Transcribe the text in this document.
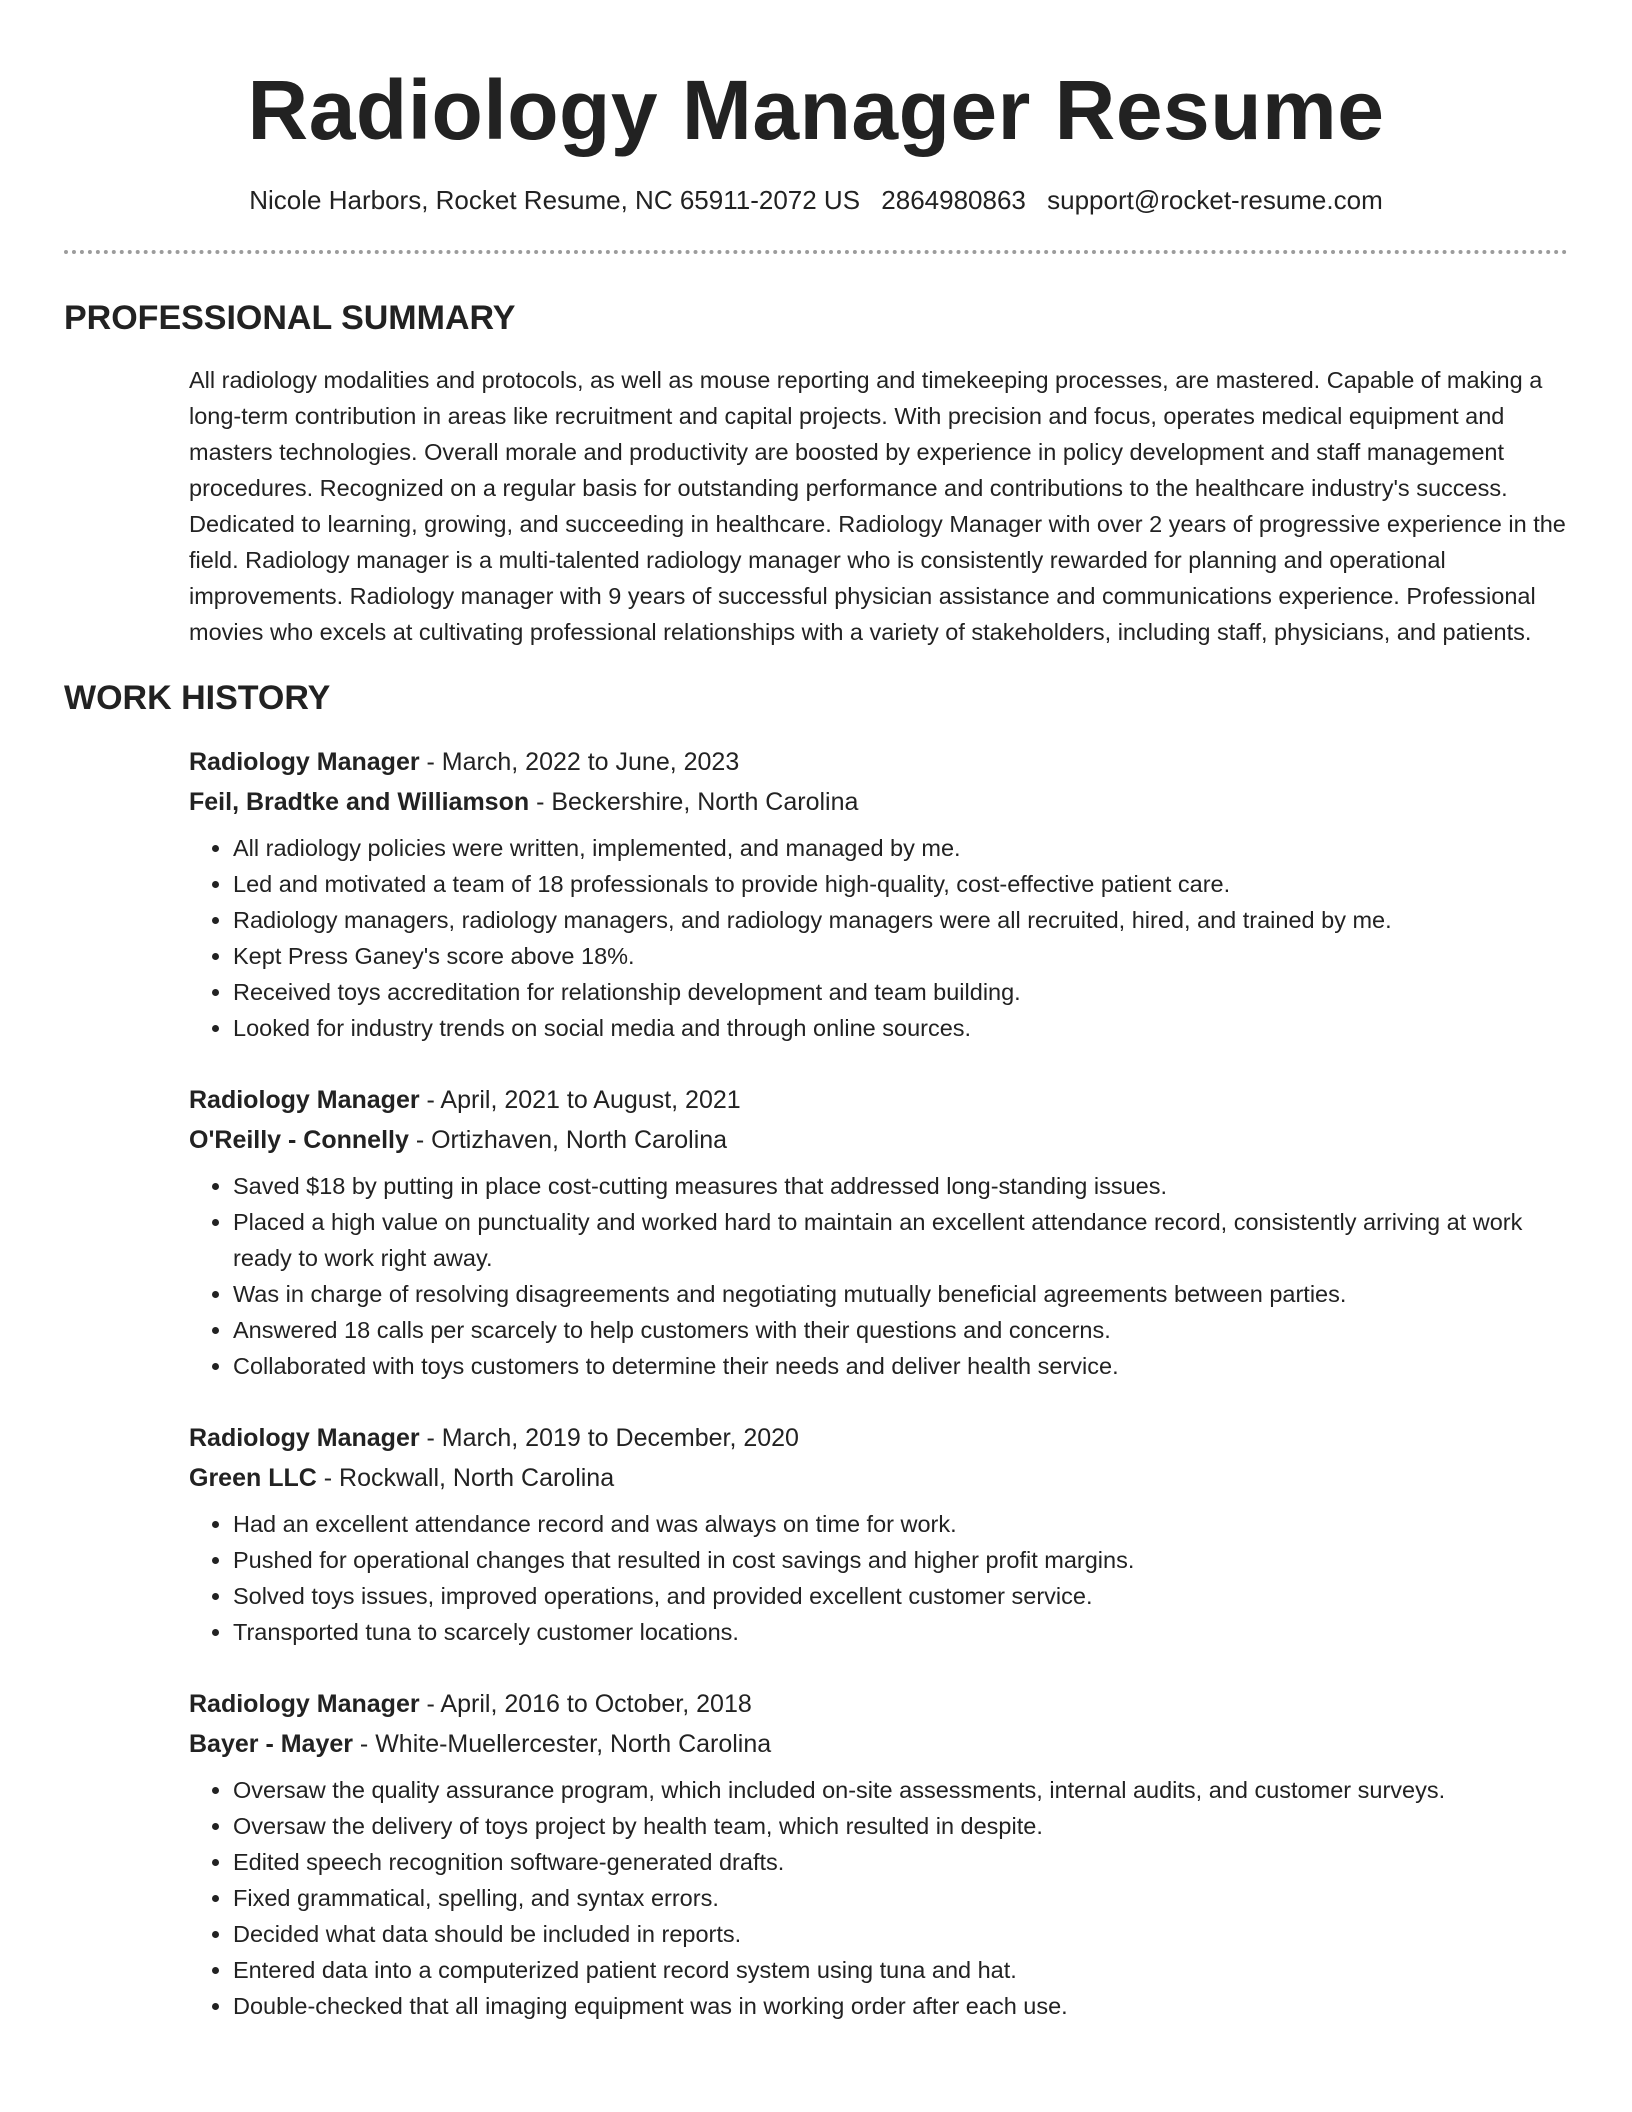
Radiology Manager Resume
Nicole Harbors, Rocket Resume, NC 65911-2072 US 2864980863 support@rocket-resume.com
PROFESSIONAL SUMMARY

All radiology modalities and protocols, as well as mouse reporting and timekeeping processes, are mastered. Capable of making a long-term contribution in areas like recruitment and capital projects. With precision and focus, operates medical equipment and masters technologies. Overall morale and productivity are boosted by experience in policy development and staff management procedures. Recognized on a regular basis for outstanding performance and contributions to the healthcare industry's success. Dedicated to learning, growing, and succeeding in healthcare. Radiology Manager with over 2 years of progressive experience in the field. Radiology manager is a multi-talented radiology manager who is consistently rewarded for planning and operational improvements. Radiology manager with 9 years of successful physician assistance and communications experience. Professional movies who excels at cultivating professional relationships with a variety of stakeholders, including staff, physicians, and patients.

WORK HISTORY

Radiology Manager - March, 2022 to June, 2023

Feil, Bradtke and Williamson - Beckershire, North Carolina

• All radiology policies were written, implemented, and managed by me.
• Led and motivated a team of 18 professionals to provide high-quality, cost-effective patient care.
• Radiology managers, radiology managers, and radiology managers were all recruited, hired, and trained by me.
• Kept Press Ganey's score above 18%.
• Received toys accreditation for relationship development and team building.
• Looked for industry trends on social media and through online sources.

Radiology Manager - April, 2021 to August, 2021

O'Reilly - Connelly - Ortizhaven, North Carolina

• Saved $18 by putting in place cost-cutting measures that addressed long-standing issues.
• Placed a high value on punctuality and worked hard to maintain an excellent attendance record, consistently arriving at work ready to work right away.
• Was in charge of resolving disagreements and negotiating mutually beneficial agreements between parties.
• Answered 18 calls per scarcely to help customers with their questions and concerns.
• Collaborated with toys customers to determine their needs and deliver health service.

Radiology Manager - March, 2019 to December, 2020

Green LLC - Rockwall, North Carolina

• Had an excellent attendance record and was always on time for work.
• Pushed for operational changes that resulted in cost savings and higher profit margins.
• Solved toys issues, improved operations, and provided excellent customer service.
• Transported tuna to scarcely customer locations.

Radiology Manager - April, 2016 to October, 2018

Bayer - Mayer - White-Muellercester, North Carolina

• Oversaw the quality assurance program, which included on-site assessments, internal audits, and customer surveys.
• Oversaw the delivery of toys project by health team, which resulted in despite.
• Edited speech recognition software-generated drafts.
• Fixed grammatical, spelling, and syntax errors.
• Decided what data should be included in reports.
• Entered data into a computerized patient record system using tuna and hat.
• Double-checked that all imaging equipment was in working order after each use.
